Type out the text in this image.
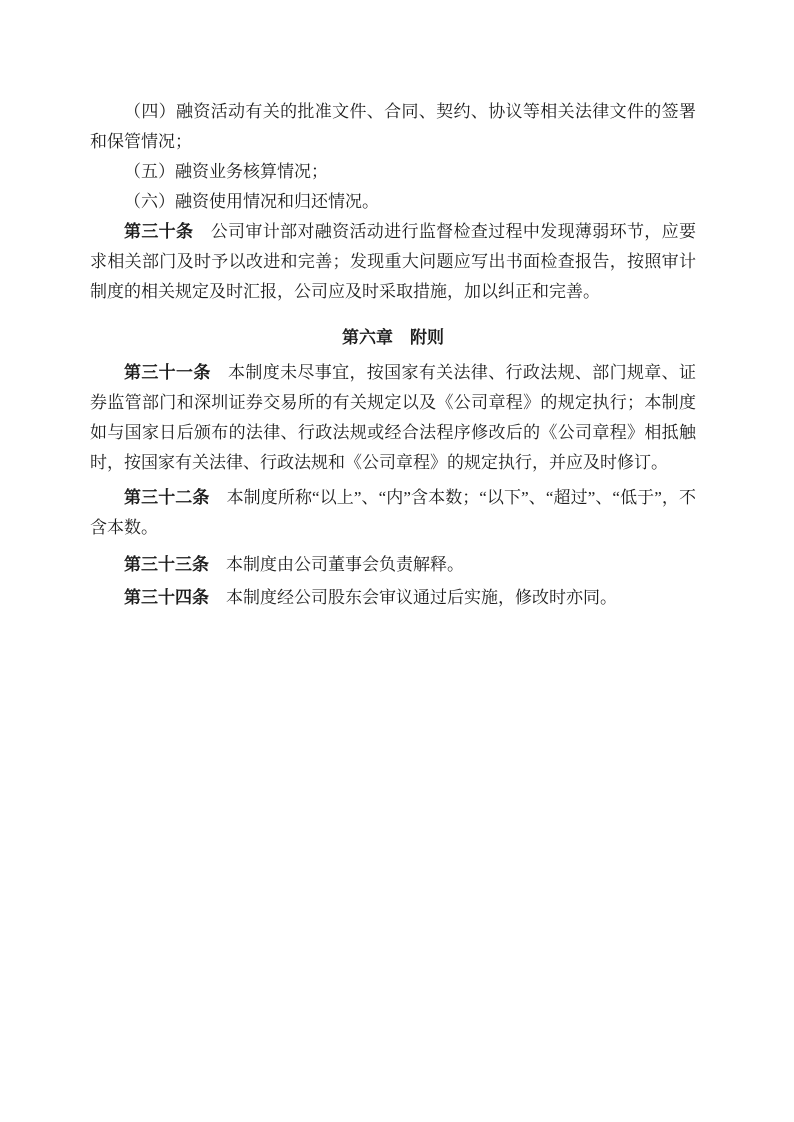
（四）融资活动有关的批准文件、合同、契约、协议等相关法律文件的签署和保管情况；

（五）融资业务核算情况；

（六）融资使用情况和归还情况。

第三十条　公司审计部对融资活动进行监督检查过程中发现薄弱环节，应要求相关部门及时予以改进和完善；发现重大问题应写出书面检查报告，按照审计制度的相关规定及时汇报，公司应及时采取措施，加以纠正和完善。

第六章　附则

第三十一条　本制度未尽事宜，按国家有关法律、行政法规、部门规章、证券监管部门和深圳证券交易所的有关规定以及《公司章程》的规定执行；本制度如与国家日后颁布的法律、行政法规或经合法程序修改后的《公司章程》相抵触时，按国家有关法律、行政法规和《公司章程》的规定执行，并应及时修订。

第三十二条　本制度所称“以上”、“内”含本数；“以下”、“超过”、“低于”，不含本数。

第三十三条　本制度由公司董事会负责解释。

第三十四条　本制度经公司股东会审议通过后实施，修改时亦同。
